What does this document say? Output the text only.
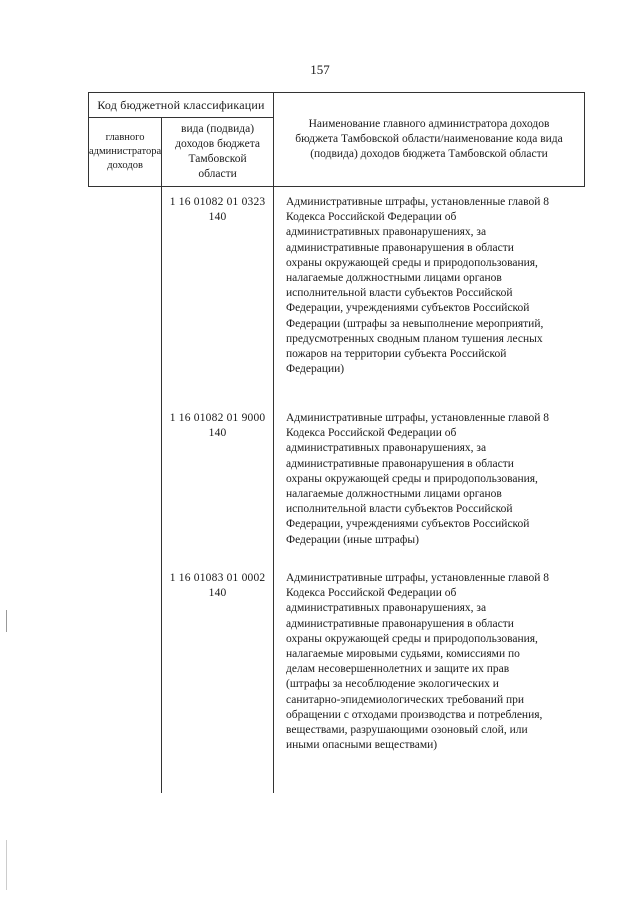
157
Код бюджетной классификации		Наименование главного администратора доходов бюджета Тамбовской области/наименование кода вида (подвида) доходов бюджета Тамбовской области
главного администратора доходов	вида (подвида) доходов бюджета Тамбовской области	
	1 16 01082 01 0323 140	Административные штрафы, установленные главой 8 Кодекса Российской Федерации об административных правонарушениях, за административные правонарушения в области охраны окружающей среды и природопользования, налагаемые должностными лицами органов исполнительной власти субъектов Российской Федерации, учреждениями субъектов Российской Федерации (штрафы за невыполнение мероприятий, предусмотренных сводным планом тушения лесных пожаров на территории субъекта Российской Федерации)

	1 16 01082 01 9000 140	Административные штрафы, установленные главой 8 Кодекса Российской Федерации об административных правонарушениях, за административные правонарушения в области охраны окружающей среды и природопользования, налагаемые должностными лицами органов исполнительной власти субъектов Российской Федерации, учреждениями субъектов Российской Федерации (иные штрафы)

	1 16 01083 01 0002 140	Административные штрафы, установленные главой 8 Кодекса Российской Федерации об административных правонарушениях, за административные правонарушения в области охраны окружающей среды и природопользования, налагаемые мировыми судьями, комиссиями по делам несовершеннолетних и защите их прав (штрафы за несоблюдение экологических и санитарно-эпидемиологических требований при обращении с отходами производства и потребления, веществами, разрушающими озоновый слой, или иными опасными веществами)
